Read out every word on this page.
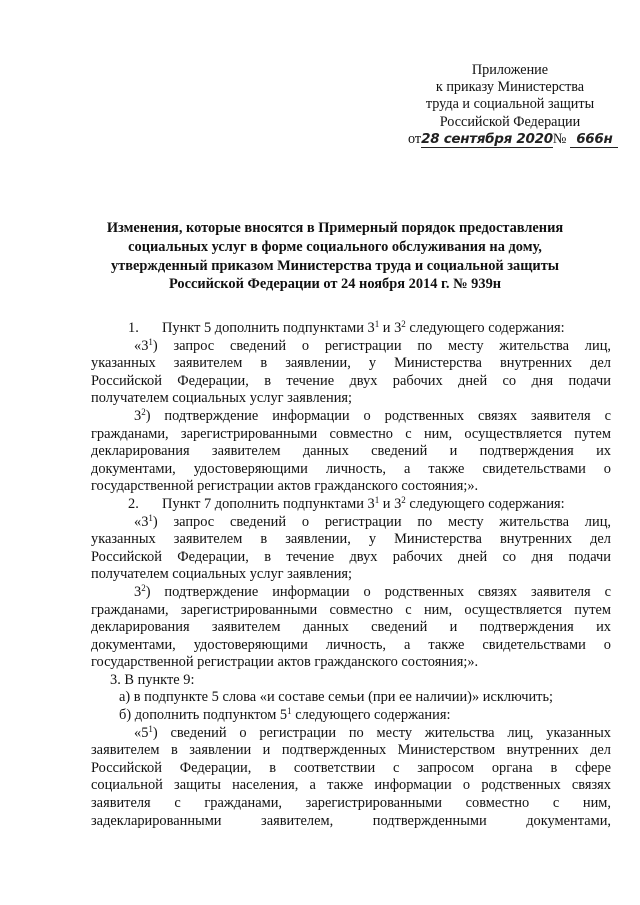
Приложение
к приказу Министерства
труда и социальной защиты
Российской Федерации
от28 сентября 2020№ 666н
Изменения, которые вносятся в Примерный порядок предоставления
социальных услуг в форме социального обслуживания на дому,
утвержденный приказом Министерства труда и социальной защиты
Российской Федерации от 24 ноября 2014 г. № 939н

1. Пункт 5 дополнить подпунктами $3^1$ и $3^2$ следующего содержания:

«$3^1$) запрос сведений о регистрации по месту жительства лиц,
указанных заявителем в заявлении, у Министерства внутренних дел
Российской Федерации, в течение двух рабочих дней со дня подачи
получателем социальных услуг заявления;

$3^2$) подтверждение информации о родственных связях заявителя с
гражданами, зарегистрированными совместно с ним, осуществляется путем
декларирования заявителем данных сведений и подтверждения их
документами, удостоверяющими личность, а также свидетельствами о
государственной регистрации актов гражданского состояния;».

2. Пункт 7 дополнить подпунктами $3^1$ и $3^2$ следующего содержания:

«$3^1$) запрос сведений о регистрации по месту жительства лиц,
указанных заявителем в заявлении, у Министерства внутренних дел
Российской Федерации, в течение двух рабочих дней со дня подачи
получателем социальных услуг заявления;

$3^2$) подтверждение информации о родственных связях заявителя с
гражданами, зарегистрированными совместно с ним, осуществляется путем
декларирования заявителем данных сведений и подтверждения их
документами, удостоверяющими личность, а также свидетельствами о
государственной регистрации актов гражданского состояния;».

3. В пункте 9:

а) в подпункте 5 слова «и составе семьи (при ее наличии)» исключить;

б) дополнить подпунктом $5^1$ следующего содержания:

«$5^1$) сведений о регистрации по месту жительства лиц, указанных
заявителем в заявлении и подтвержденных Министерством внутренних дел
Российской Федерации, в соответствии с запросом органа в сфере
социальной защиты населения, а также информации о родственных связях
заявителя с гражданами, зарегистрированными совместно с ним,
задекларированными заявителем, подтвержденными документами,
